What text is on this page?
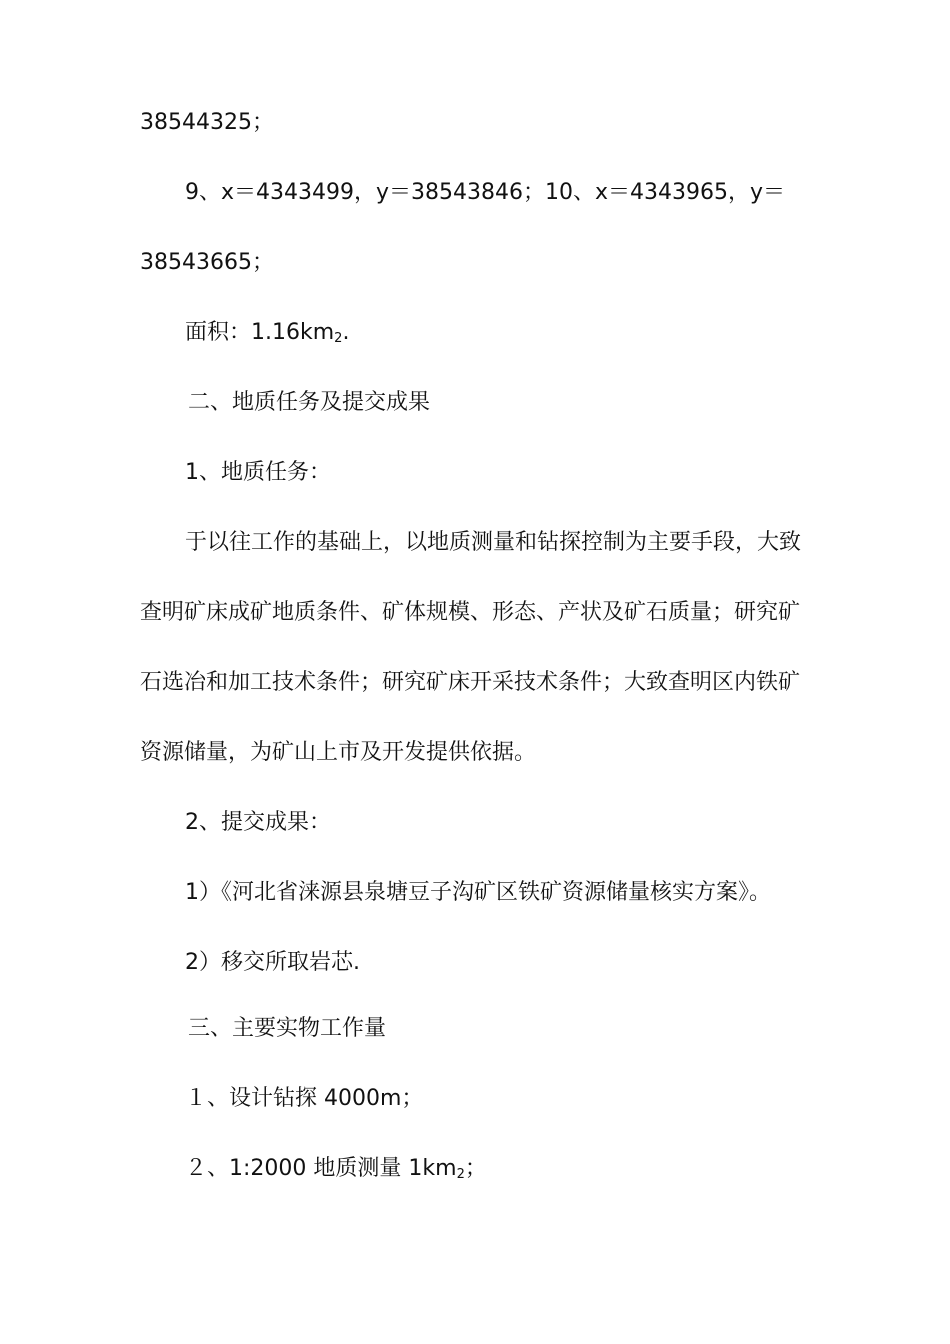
38544325；
9、x＝4343499，y＝38543846；10、x＝4343965，y＝
38543665；
面积：$1.16km_2$.
二、地质任务及提交成果
1、地质任务：
于以往工作的基础上，以地质测量和钻探控制为主要手段，大致
查明矿床成矿地质条件、矿体规模、形态、产状及矿石质量；研究矿
石选冶和加工技术条件；研究矿床开采技术条件；大致查明区内铁矿
资源储量，为矿山上市及开发提供依据。
2、提交成果：
1）《河北省涞源县泉塘豆子沟矿区铁矿资源储量核实方案》。
2）移交所取岩芯.
三、主要实物工作量
１、设计钻探 4000m；
２、1:2000 地质测量 $1km_2$；
